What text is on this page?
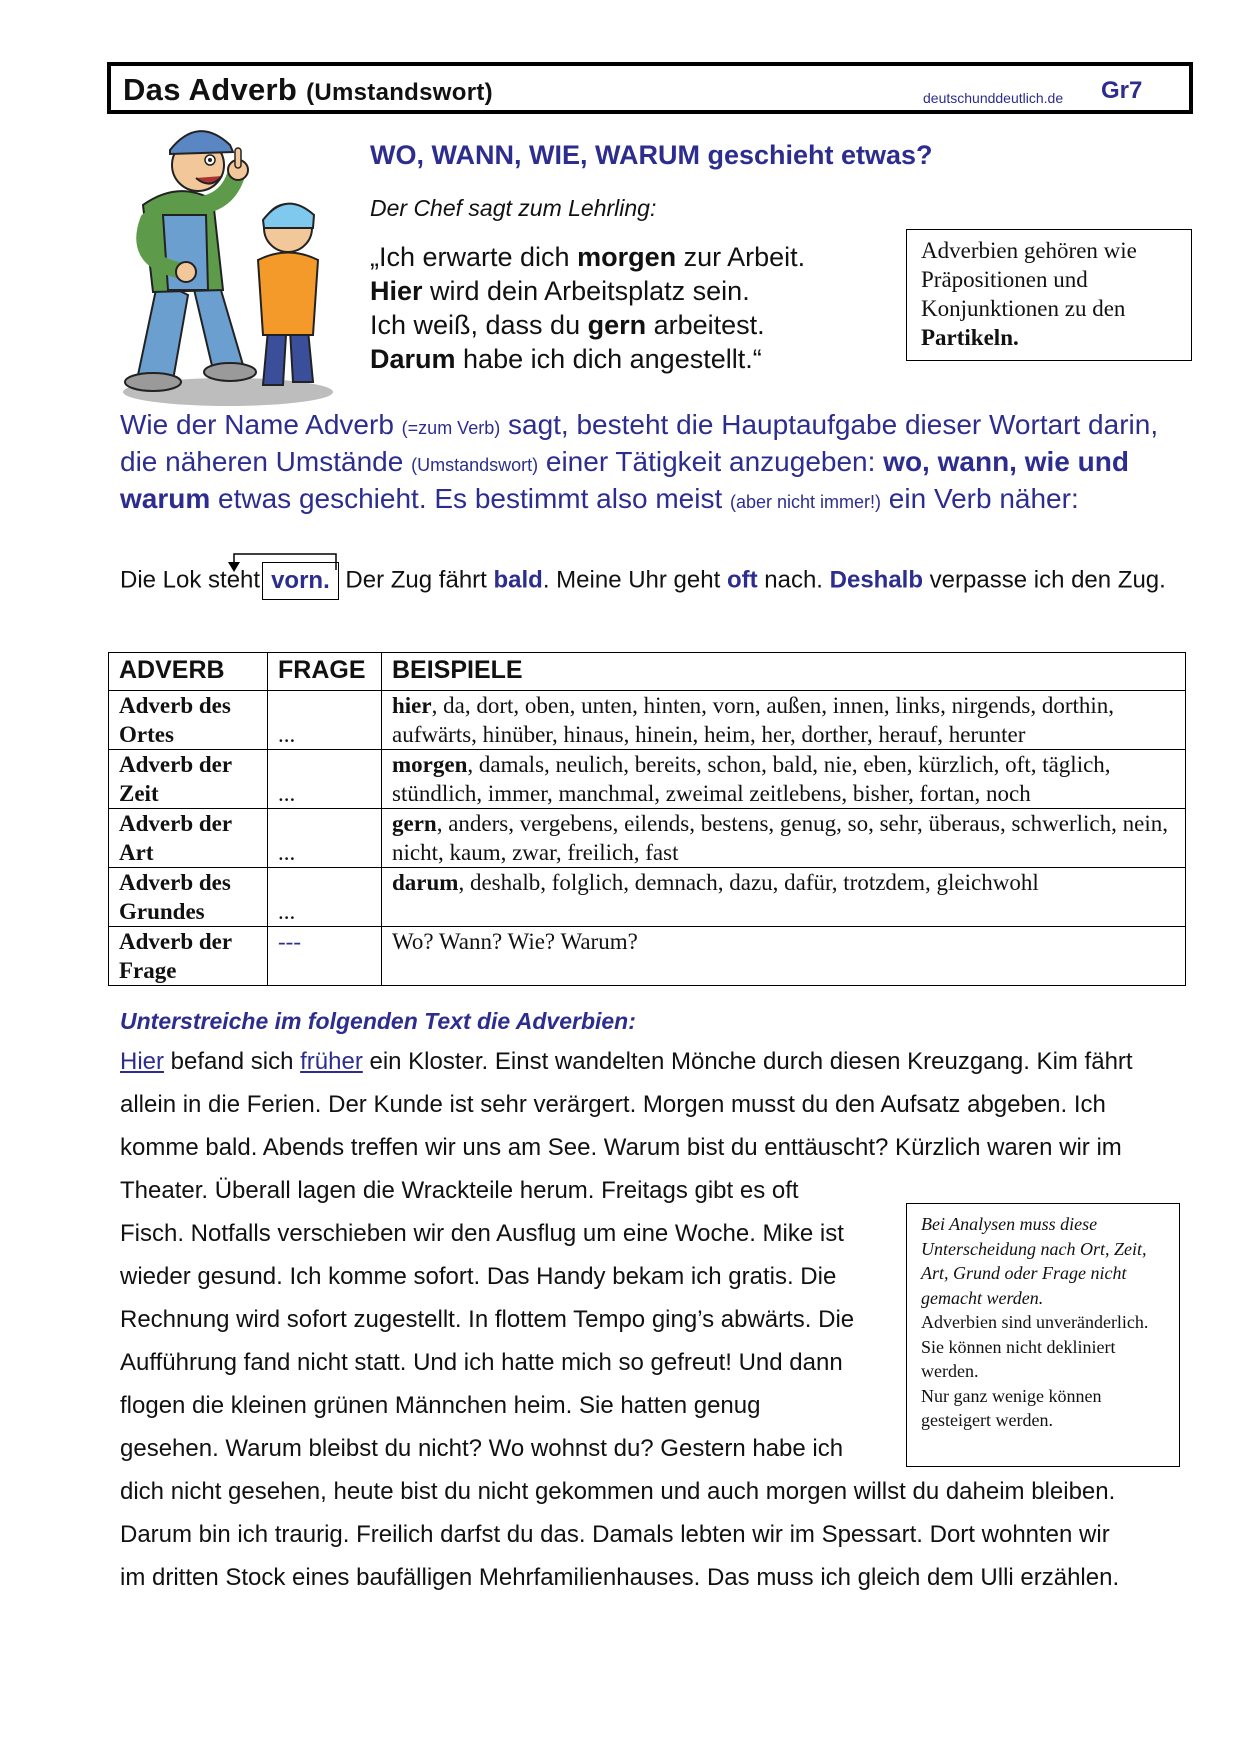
Das Adverb (Umstandswort)	deutschunddeutlich.de Gr7
WO, WANN, WIE, WARUM geschieht etwas?
Der Chef sagt zum Lehrling:
„Ich erwarte dich morgen zur Arbeit.
Hier wird dein Arbeitsplatz sein.
Ich weiß, dass du gern arbeitest.
Darum habe ich dich angestellt.“
Adverbien gehören wie Präpositionen und Konjunktionen zu den Partikeln.
Wie der Name Adverb (=zum Verb) sagt, besteht die Hauptaufgabe dieser Wortart darin, die näheren Umstände (Umstandswort) einer Tätigkeit anzugeben: wo, wann, wie und warum etwas geschieht. Es bestimmt also meist (aber nicht immer!) ein Verb näher:
Die Lok steht vorn. Der Zug fährt bald. Meine Uhr geht oft nach. Deshalb verpasse ich den Zug.
ADVERB	FRAGE	BEISPIELE

Adverb des
Ortes	...	hier, da, dort, oben, unten, hinten, vorn, außen, innen, links, nirgends, dorthin, aufwärts, hinüber, hinaus, hinein, heim, her, dorther, herauf, herunter

Adverb der
Zeit	...	morgen, damals, neulich, bereits, schon, bald, nie, eben, kürzlich, oft, täglich, stündlich, immer, manchmal, zweimal zeitlebens, bisher, fortan, noch

Adverb der
Art	...	gern, anders, vergebens, eilends, bestens, genug, so, sehr, überaus, schwerlich, nein, nicht, kaum, zwar, freilich, fast

Adverb des
Grundes	...	darum, deshalb, folglich, demnach, dazu, dafür, trotzdem, gleichwohl

Adverb der
Frage	---	Wo? Wann? Wie? Warum?
Unterstreiche im folgenden Text die Adverbien:
Hier befand sich früher ein Kloster. Einst wandelten Mönche durch diesen Kreuzgang. Kim fährt
allein in die Ferien. Der Kunde ist sehr verärgert. Morgen musst du den Aufsatz abgeben. Ich
komme bald. Abends treffen wir uns am See. Warum bist du enttäuscht? Kürzlich waren wir im
Theater. Überall lagen die Wrackteile herum. Freitags gibt es oft
Fisch. Notfalls verschieben wir den Ausflug um eine Woche. Mike ist
wieder gesund. Ich komme sofort. Das Handy bekam ich gratis. Die
Rechnung wird sofort zugestellt. In flottem Tempo ging’s abwärts. Die
Aufführung fand nicht statt. Und ich hatte mich so gefreut! Und dann
flogen die kleinen grünen Männchen heim. Sie hatten genug
gesehen. Warum bleibst du nicht? Wo wohnst du? Gestern habe ich
dich nicht gesehen, heute bist du nicht gekommen und auch morgen willst du daheim bleiben.
Darum bin ich traurig. Freilich darfst du das. Damals lebten wir im Spessart. Dort wohnten wir
im dritten Stock eines baufälligen Mehrfamilienhauses. Das muss ich gleich dem Ulli erzählen.
Bei Analysen muss diese Unterscheidung nach Ort, Zeit, Art, Grund oder Frage nicht gemacht werden.
Adverbien sind unveränderlich.
Sie können nicht dekliniert werden.
Nur ganz wenige können gesteigert werden.
